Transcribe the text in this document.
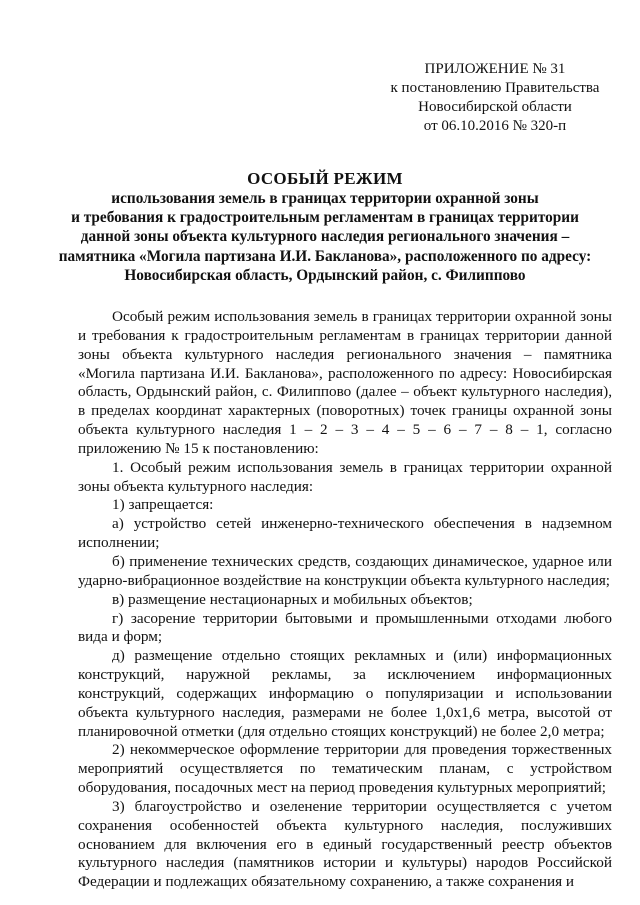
ПРИЛОЖЕНИЕ № 31
к постановлению Правительства
Новосибирской области
от 06.10.2016 № 320-п
ОСОБЫЙ РЕЖИМ
использования земель в границах территории охранной зоны
и требования к градостроительным регламентам в границах территории
данной зоны объекта культурного наследия регионального значения –
памятника «Могила партизана И.И. Бакланова», расположенного по адресу:
Новосибирская область, Ордынский район, с. Филиппово

Особый режим использования земель в границах территории охранной зоны и требования к градостроительным регламентам в границах территории данной зоны объекта культурного наследия регионального значения – памятника «Могила партизана И.И. Бакланова», расположенного по адресу: Новосибирская область, Ордынский район, с. Филиппово (далее – объект культурного наследия), в пределах координат характерных (поворотных) точек границы охранной зоны объекта культурного наследия 1 – 2 – 3 – 4 – 5 – 6 – 7 – 8 – 1, согласно приложению № 15 к постановлению:

1. Особый режим использования земель в границах территории охранной зоны объекта культурного наследия:

1) запрещается:

а) устройство сетей инженерно-технического обеспечения в надземном исполнении;

б) применение технических средств, создающих динамическое, ударное или ударно-вибрационное воздействие на конструкции объекта культурного наследия;

в) размещение нестационарных и мобильных объектов;

г) засорение территории бытовыми и промышленными отходами любого вида и форм;

д) размещение отдельно стоящих рекламных и (или) информационных конструкций, наружной рекламы, за исключением информационных конструкций, содержащих информацию о популяризации и использовании объекта культурного наследия, размерами не более 1,0х1,6 метра, высотой от планировочной отметки (для отдельно стоящих конструкций) не более 2,0 метра;

2) некоммерческое оформление территории для проведения торжественных мероприятий осуществляется по тематическим планам, с устройством оборудования, посадочных мест на период проведения культурных мероприятий;

3) благоустройство и озеленение территории осуществляется с учетом сохранения особенностей объекта культурного наследия, послуживших основанием для включения его в единый государственный реестр объектов культурного наследия (памятников истории и культуры) народов Российской Федерации и подлежащих обязательному сохранению, а также сохранения и
